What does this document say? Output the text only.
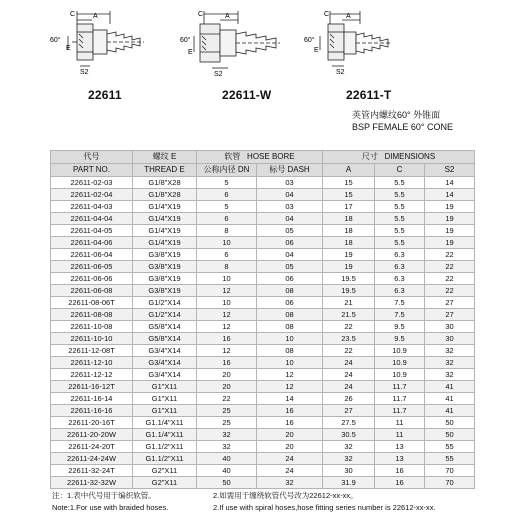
C	A
60°
E
S2
C	A
60°
E
S2
C A
60°
E
S2
22611	22611-W	22611-T
英管内螺纹60° 外锥面
BSP FEMALE 60° CONE
代号	螺纹 E	软管 HOSE BORE		尺寸 DIMENSIONS		
PART NO.	THREAD E	公称内径 DN	标号 DASH	A	C	S2
22611-02-03	G1/8"X28	5	03	15	5.5	14
22611-02-04	G1/8"X28	6	04	15	5.5	14
22611-04-03	G1/4"X19	5	03	17	5.5	19
22611-04-04	G1/4"X19	6	04	18	5.5	19
22611-04-05	G1/4"X19	8	05	18	5.5	19
22611-04-06	G1/4"X19	10	06	18	5.5	19
22611-06-04	G3/8"X19	6	04	19	6.3	22
22611-06-05	G3/8"X19	8	05	19	6.3	22
22611-06-06	G3/8"X19	10	06	19.5	6.3	22
22611-06-08	G3/8"X19	12	08	19.5	6.3	22
22611-08-06T	G1/2"X14	10	06	21	7.5	27
22611-08-08	G1/2"X14	12	08	21.5	7.5	27
22611-10-08	G5/8"X14	12	08	22	9.5	30
22611-10-10	G5/8"X14	16	10	23.5	9.5	30
22611-12-08T	G3/4"X14	12	08	22	10.9	32
22611-12-10	G3/4"X14	16	10	24	10.9	32
22611-12-12	G3/4"X14	20	12	24	10.9	32
22611-16-12T	G1"X11	20	12	24	11.7	41
22611-16-14	G1"X11	22	14	26	11.7	41
22611-16-16	G1"X11	25	16	27	11.7	41
22611-20-16T	G1.1/4"X11	25	16	27.5	11	50
22611-20-20W	G1.1/4"X11	32	20	30.5	11	50
22611-24-20T	G1.1/2"X11	32	20	32	13	55
22611-24-24W	G1.1/2"X11	40	24	32	13	55
22611-32-24T	G2"X11	40	24	30	16	70
22611-32-32W	G2"X11	50	32	31.9	16	70
注：1.表中代号用于编织软管。	2.如需用于缠绕软管代号改为22612-xx-xx。
Note:1.For use with braided hoses.	2.If use with spiral hoses,hose fitting series number is 22612-xx-xx.
